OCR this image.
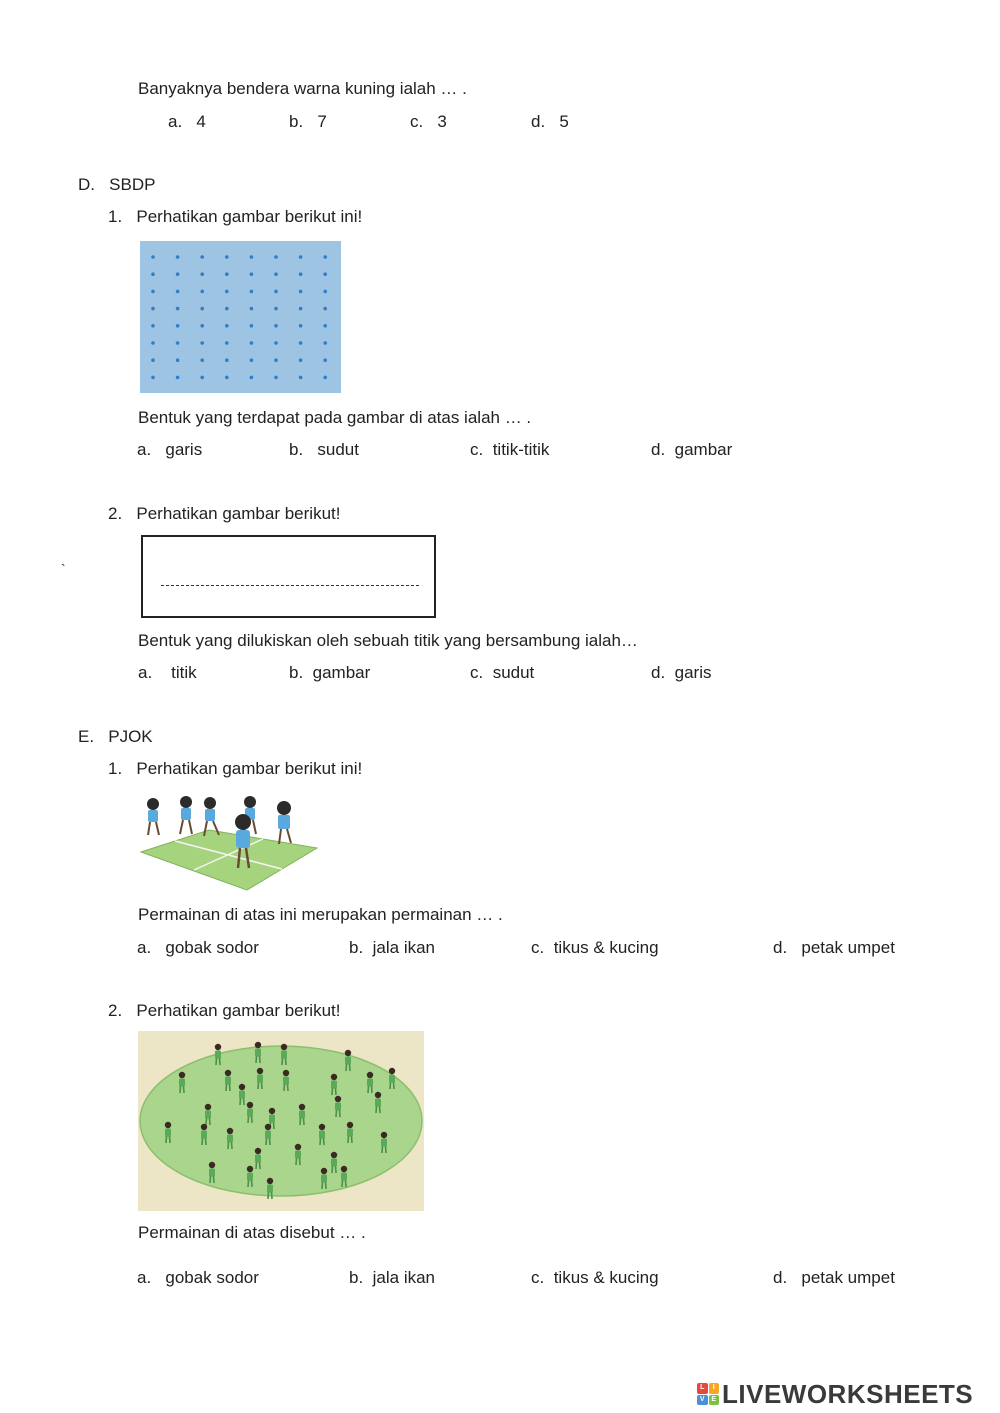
Banyaknya bendera warna kuning ialah … .
a. 4	b. 7	c. 3	d. 5
D. SBDP
1. Perhatikan gambar berikut ini!
Bentuk yang terdapat pada gambar di atas ialah … .
a. garis	b. sudut	c. titik-titik	d. gambar
2. Perhatikan gambar berikut!
`
Bentuk yang dilukiskan oleh sebuah titik yang bersambung ialah…
a. titik	b. gambar	c. sudut	d. garis
E. PJOK
1. Perhatikan gambar berikut ini!
Permainan di atas ini merupakan permainan … .
a. gobak sodor	b. jala ikan	c. tikus & kucing	d. petak umpet
2. Perhatikan gambar berikut!
Permainan di atas disebut … .
a. gobak sodor	b. jala ikan	c. tikus & kucing	d. petak umpet
L	I
V E LIVEWORKSHEETS
